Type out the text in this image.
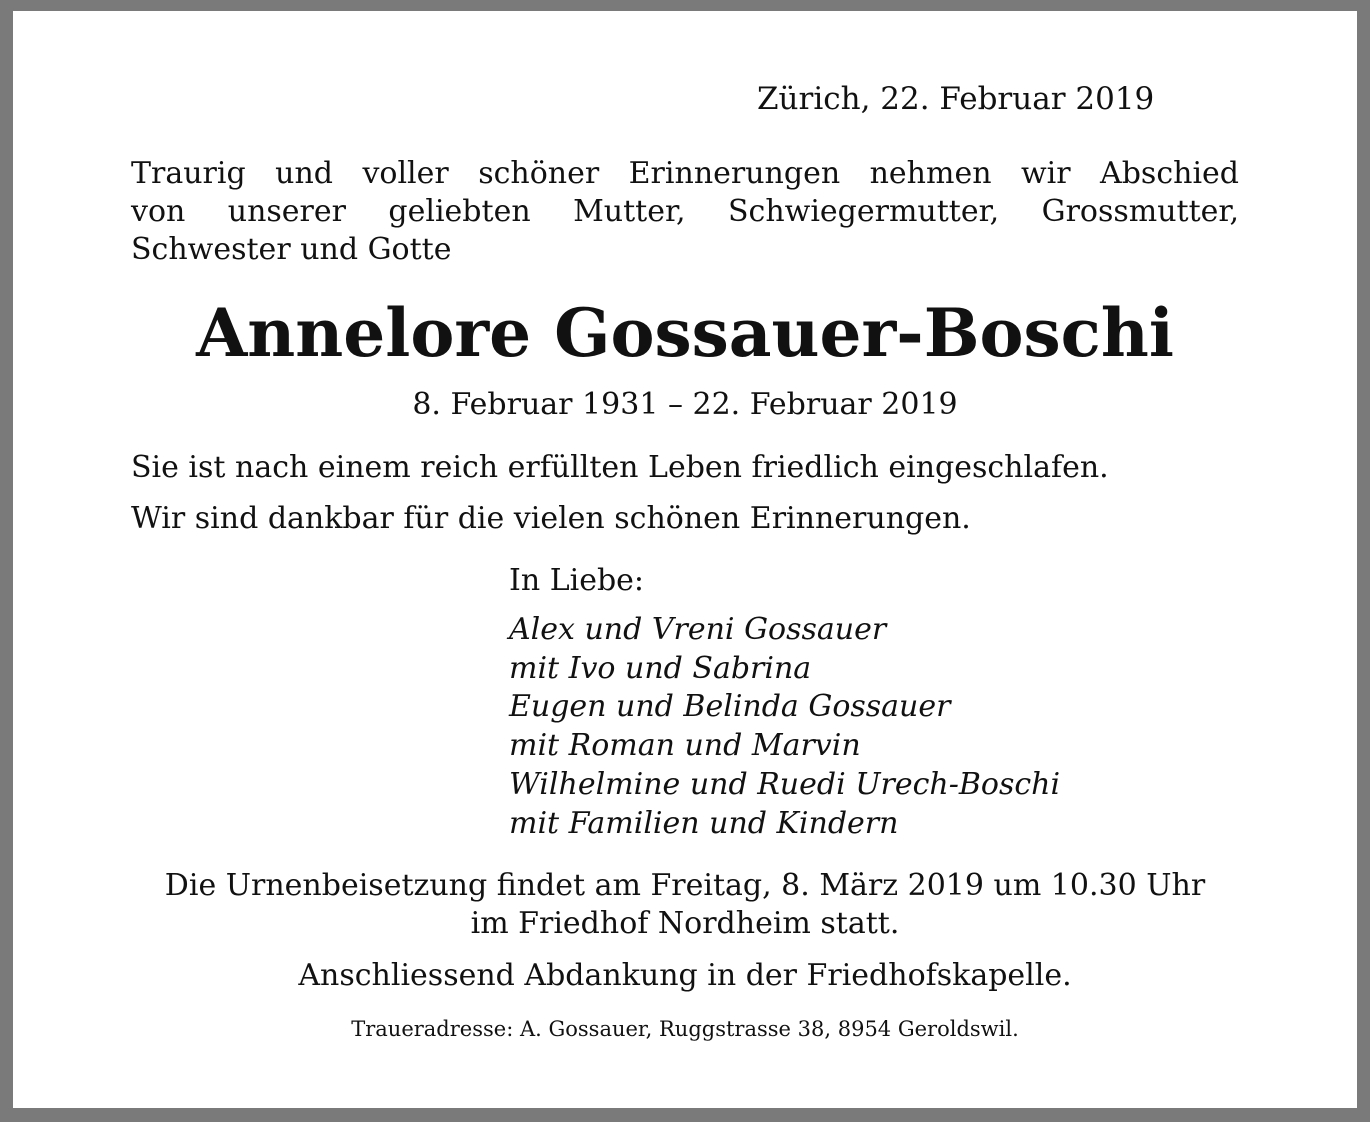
Zürich, 22. Februar 2019
Traurig und voller schöner Erinnerungen nehmen wir Abschied
von unserer geliebten Mutter, Schwiegermutter, Grossmutter,
Schwester und Gotte
Annelore Gossauer-Boschi
8. Februar 1931 – 22. Februar 2019
Sie ist nach einem reich erfüllten Leben friedlich eingeschlafen.
Wir sind dankbar für die vielen schönen Erinnerungen.
In Liebe:
Alex und Vreni Gossauer
mit Ivo und Sabrina
Eugen und Belinda Gossauer
mit Roman und Marvin
Wilhelmine und Ruedi Urech-Boschi
mit Familien und Kindern
Die Urnenbeisetzung findet am Freitag, 8. März 2019 um 10.30 Uhr
im Friedhof Nordheim statt.
Anschliessend Abdankung in der Friedhofskapelle.
Traueradresse: A. Gossauer, Ruggstrasse 38, 8954 Geroldswil.
